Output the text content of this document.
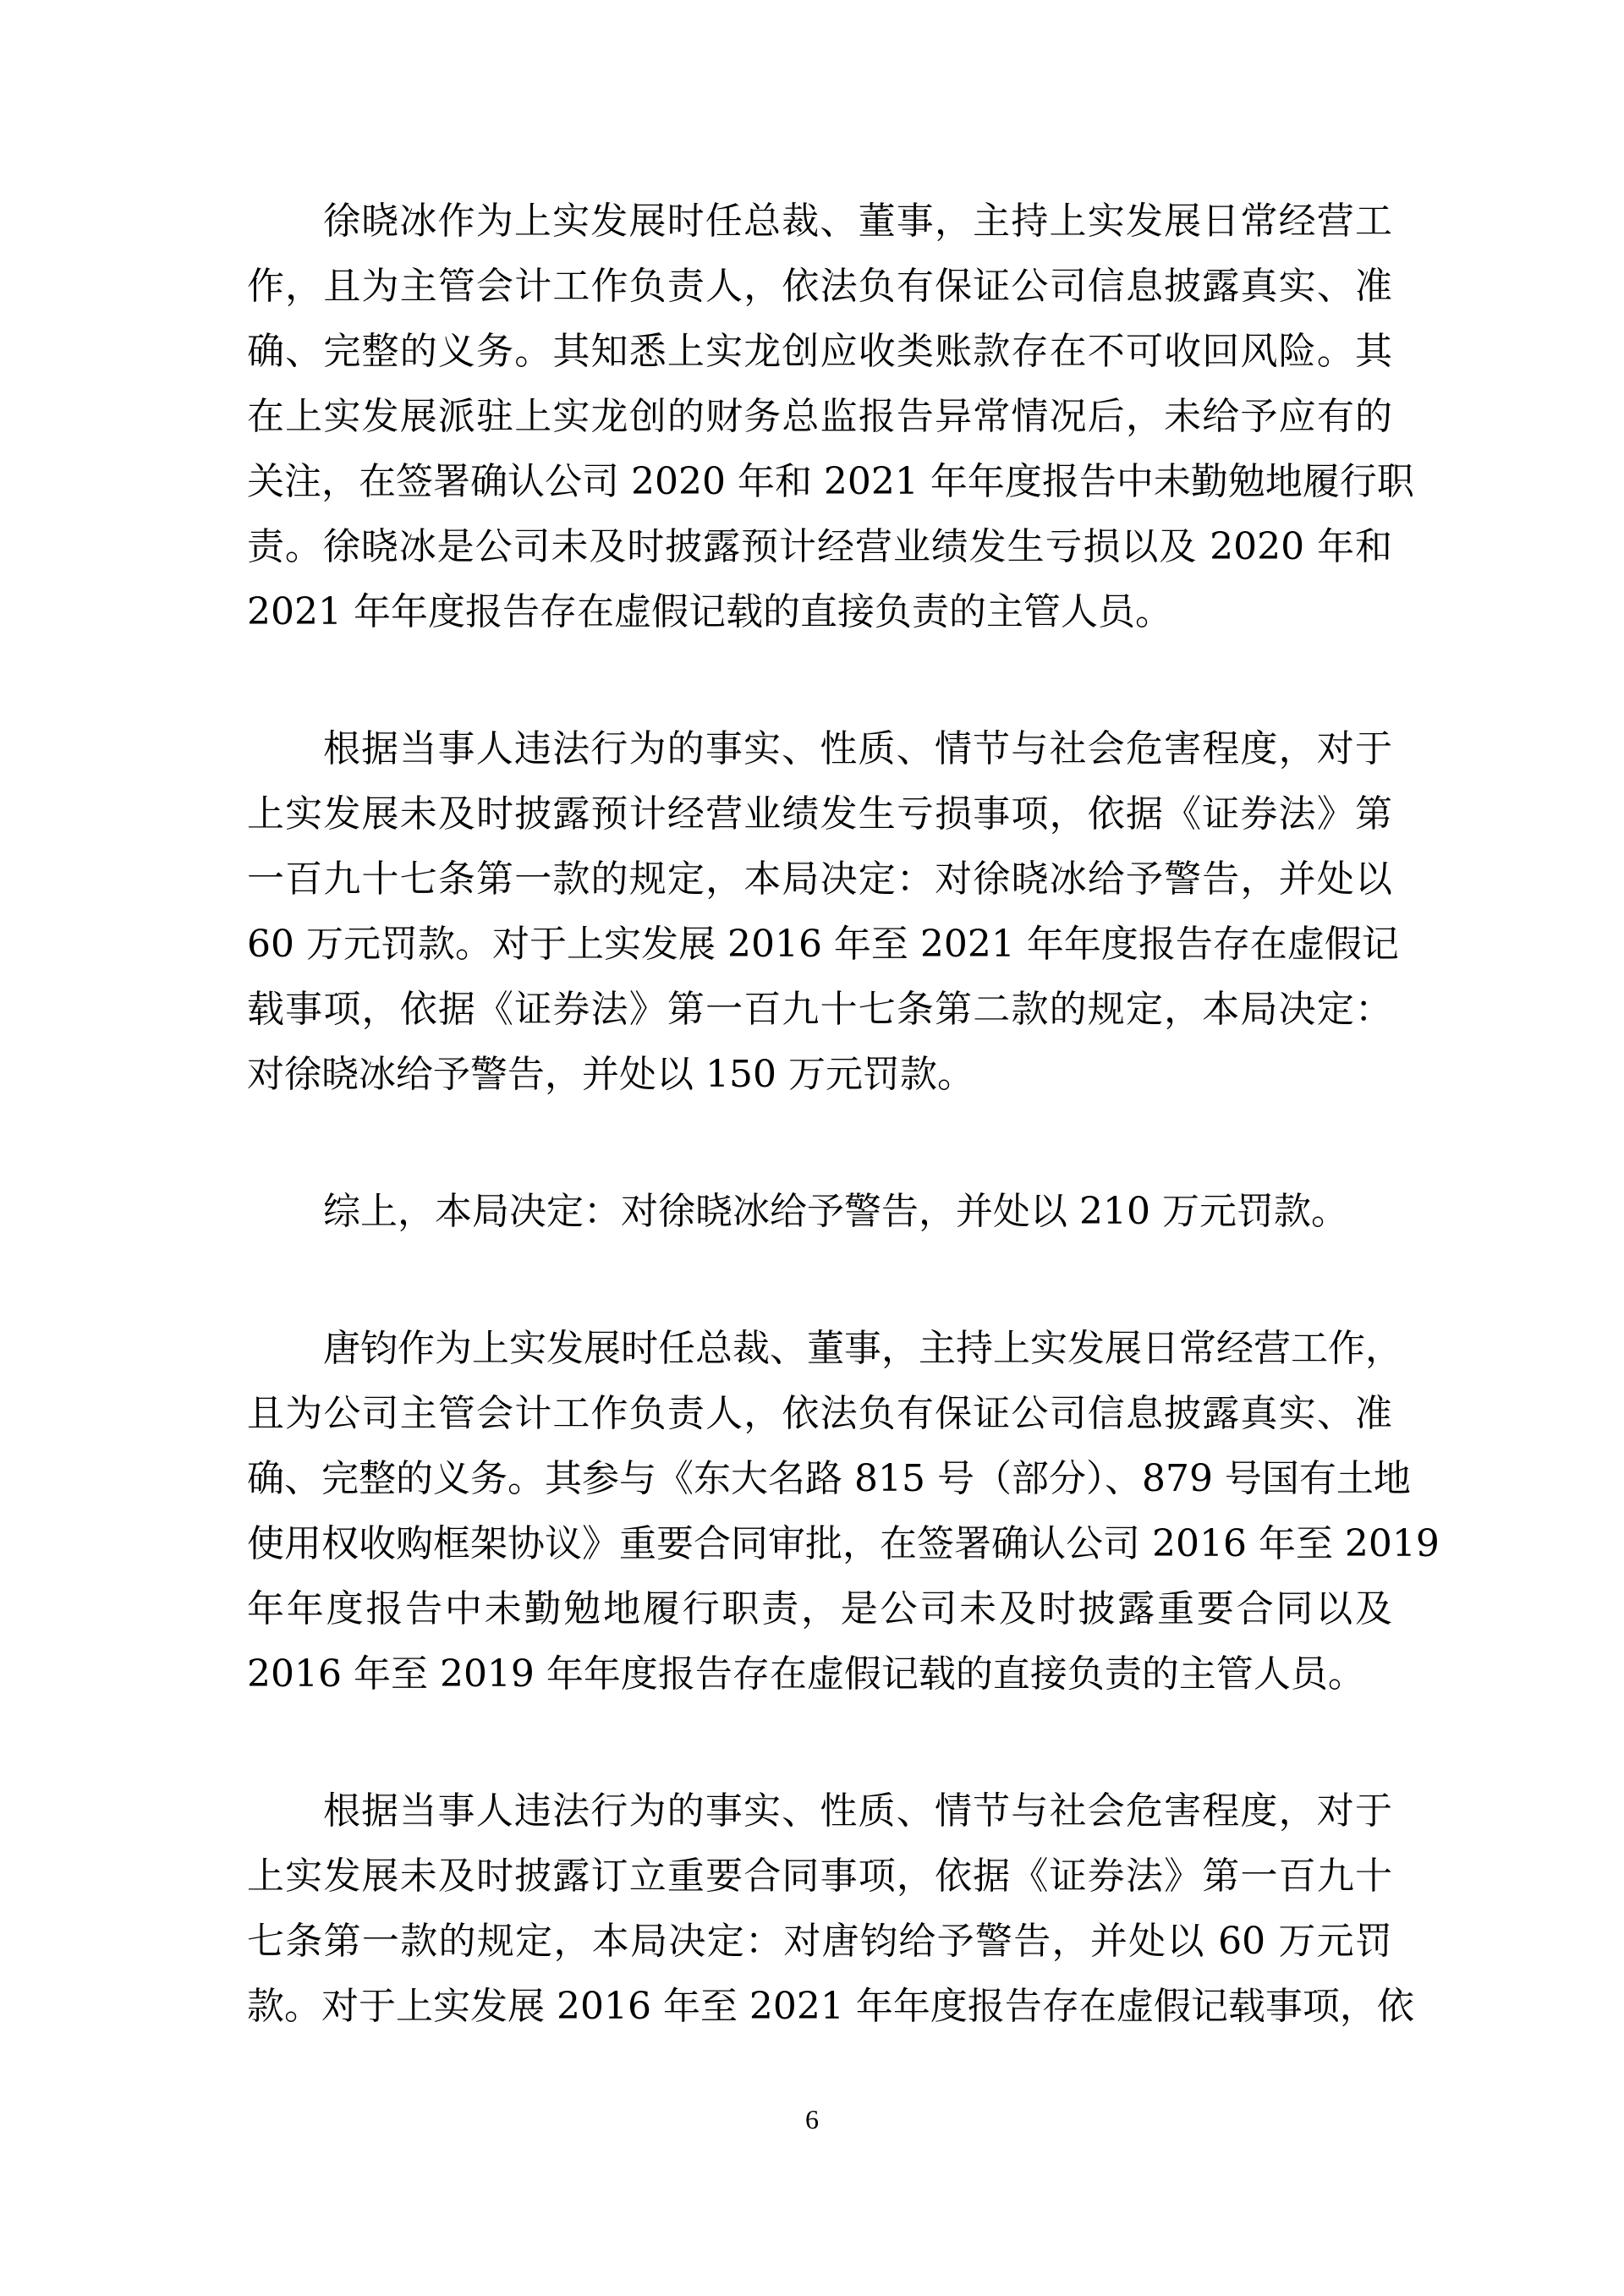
徐晓冰作为上实发展时任总裁、董事，主持上实发展日常经营工
作，且为主管会计工作负责人，依法负有保证公司信息披露真实、准
确、完整的义务。其知悉上实龙创应收类账款存在不可收回风险。其
在上实发展派驻上实龙创的财务总监报告异常情况后，未给予应有的
关注，在签署确认公司 2020 年和 2021 年年度报告中未勤勉地履行职
责。徐晓冰是公司未及时披露预计经营业绩发生亏损以及 2020 年和
2021 年年度报告存在虚假记载的直接负责的主管人员。
根据当事人违法行为的事实、性质、情节与社会危害程度，对于
上实发展未及时披露预计经营业绩发生亏损事项，依据《证券法》第
一百九十七条第一款的规定，本局决定：对徐晓冰给予警告，并处以
60 万元罚款。对于上实发展 2016 年至 2021 年年度报告存在虚假记
载事项，依据《证券法》第一百九十七条第二款的规定，本局决定：
对徐晓冰给予警告，并处以 150 万元罚款。
综上，本局决定：对徐晓冰给予警告，并处以 210 万元罚款。
唐钧作为上实发展时任总裁、董事，主持上实发展日常经营工作，
且为公司主管会计工作负责人，依法负有保证公司信息披露真实、准
确、完整的义务。其参与《东大名路 815 号（部分）、879 号国有土地
使用权收购框架协议》重要合同审批，在签署确认公司 2016 年至 2019
年年度报告中未勤勉地履行职责，是公司未及时披露重要合同以及
2016 年至 2019 年年度报告存在虚假记载的直接负责的主管人员。
根据当事人违法行为的事实、性质、情节与社会危害程度，对于
上实发展未及时披露订立重要合同事项，依据《证券法》第一百九十
七条第一款的规定，本局决定：对唐钧给予警告，并处以 60 万元罚
款。对于上实发展 2016 年至 2021 年年度报告存在虚假记载事项，依
6
